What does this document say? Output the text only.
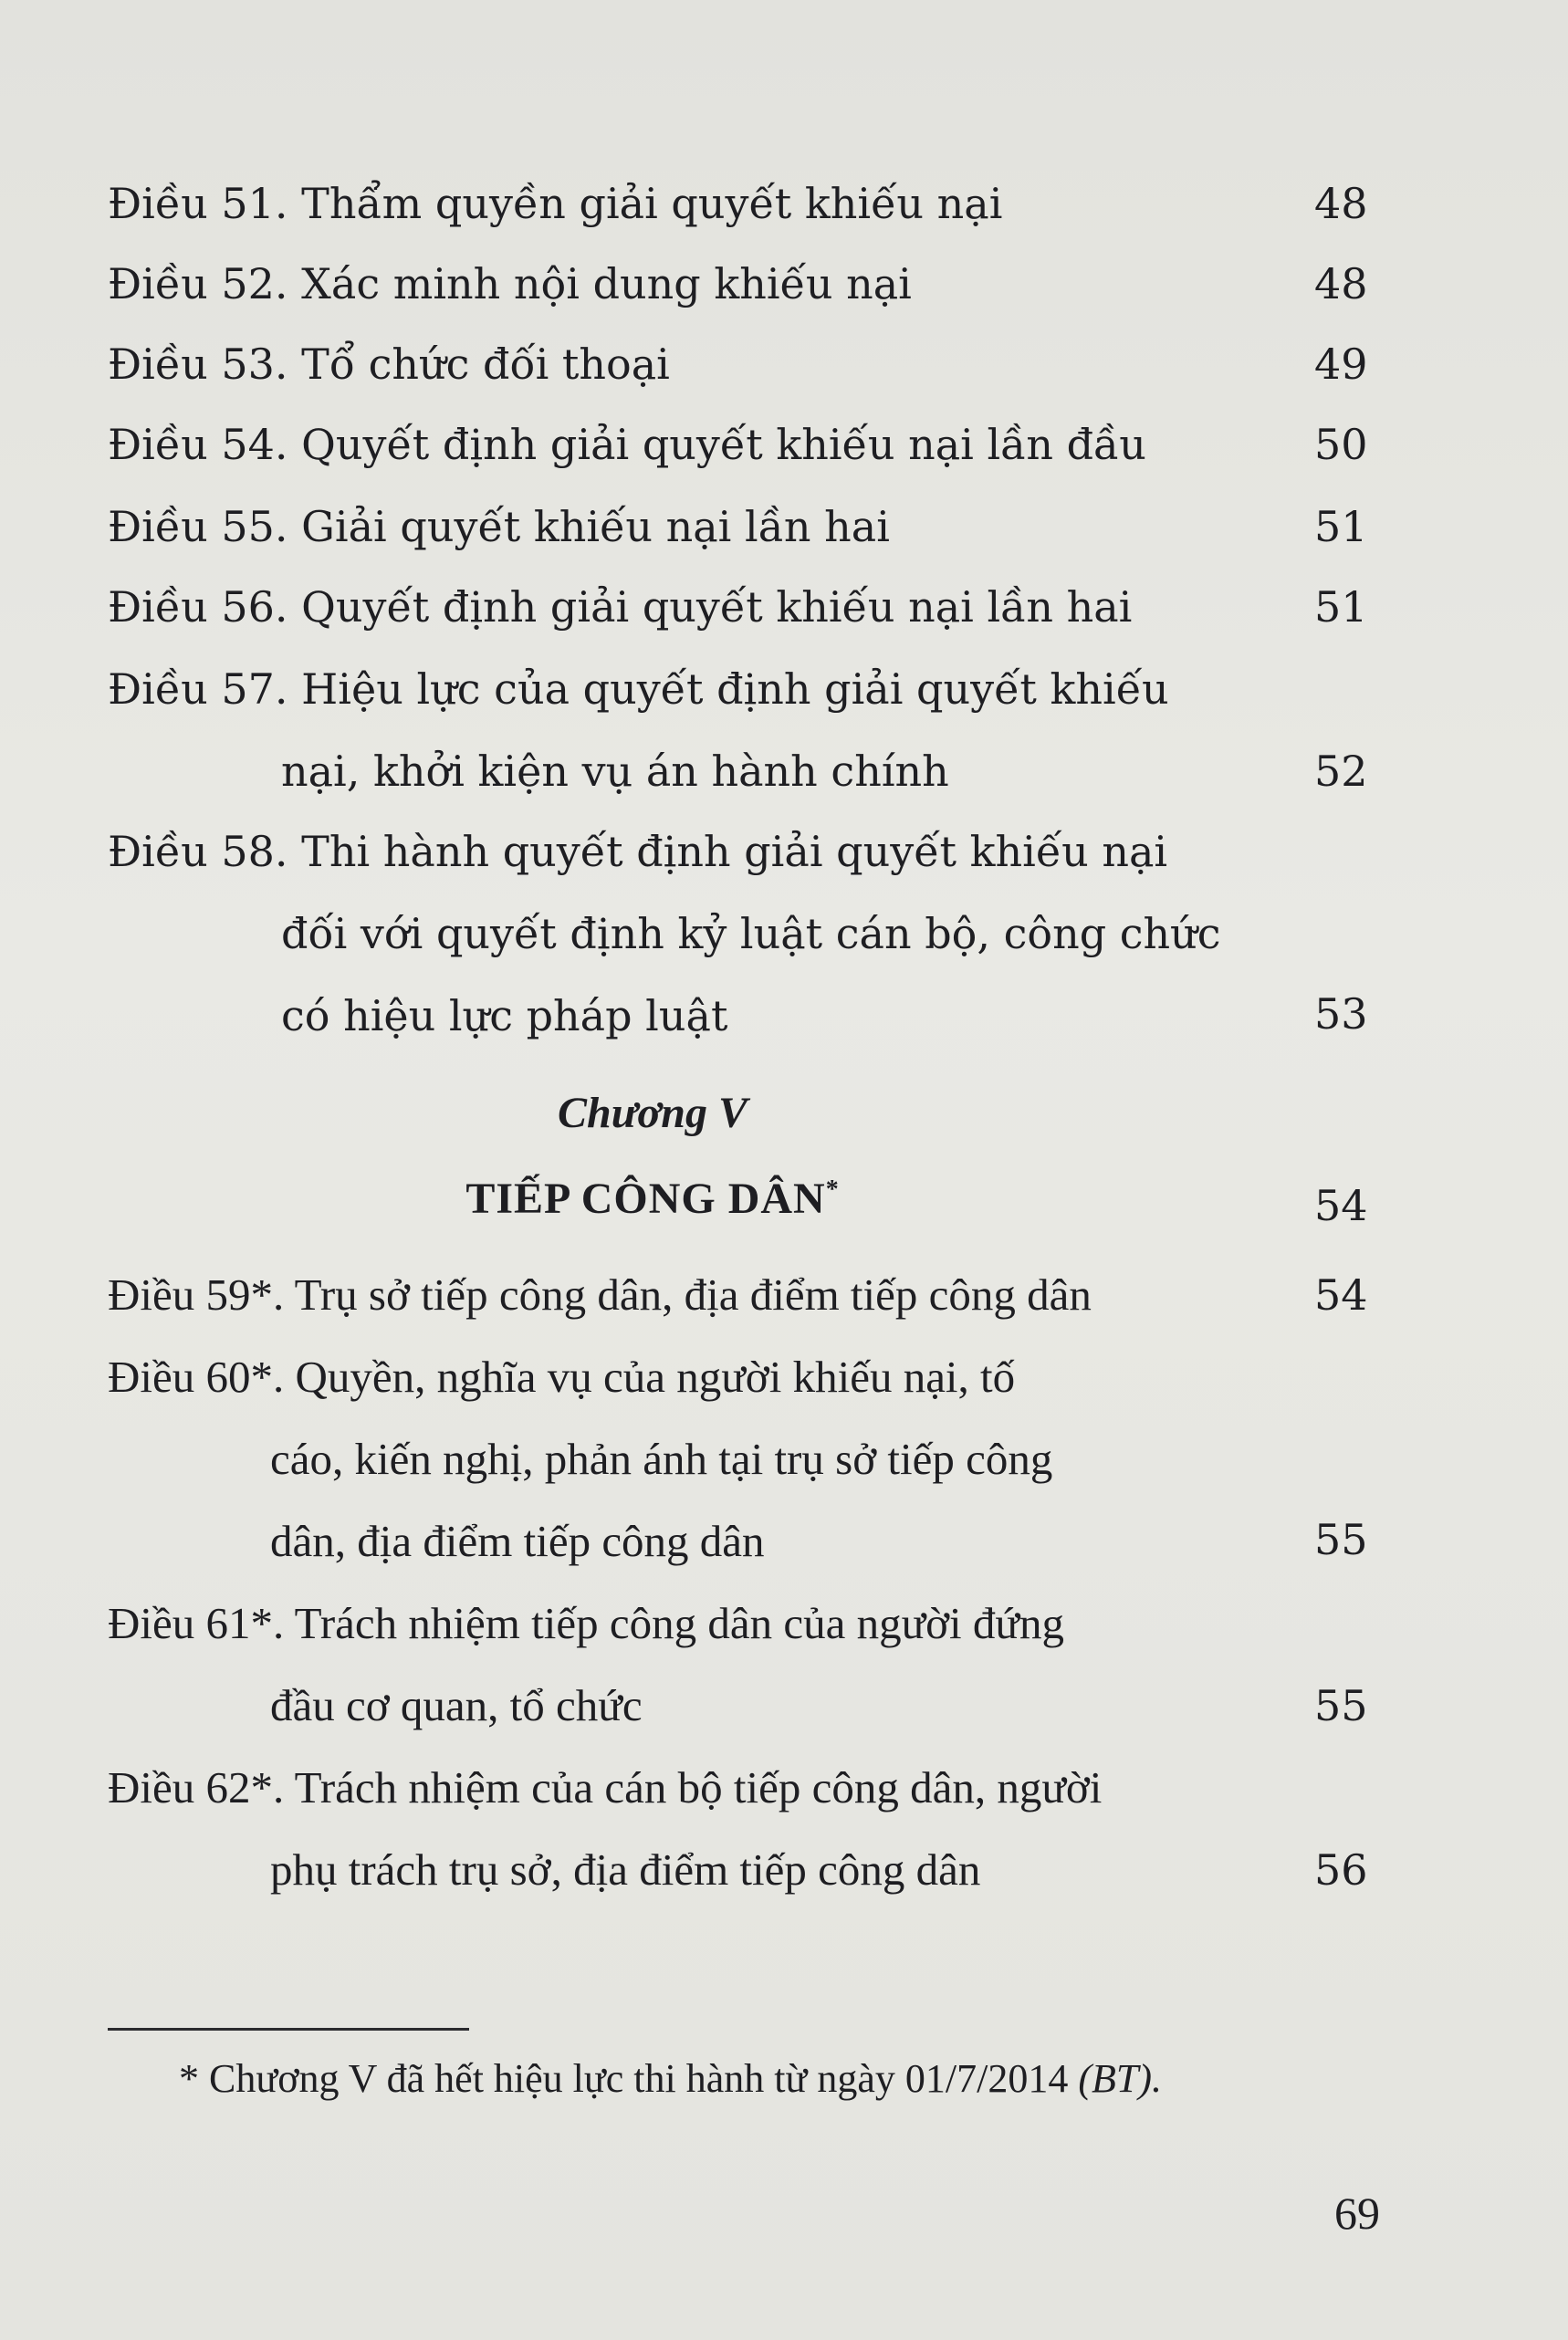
Điều 51. Thẩm quyền giải quyết khiếu nại	48
Điều 52. Xác minh nội dung khiếu nại	48
Điều 53. Tổ chức đối thoại	49
Điều 54. Quyết định giải quyết khiếu nại lần đầu	50
Điều 55. Giải quyết khiếu nại lần hai	51
Điều 56. Quyết định giải quyết khiếu nại lần hai	51
Điều 57. Hiệu lực của quyết định giải quyết khiếu
nại, khởi kiện vụ án hành chính	52
Điều 58. Thi hành quyết định giải quyết khiếu nại
đối với quyết định kỷ luật cán bộ, công chức
có hiệu lực pháp luật	53
Chương V
TIẾP CÔNG DÂN*	54
Điều 59*. Trụ sở tiếp công dân, địa điểm tiếp công dân	54
Điều 60*. Quyền, nghĩa vụ của người khiếu nại, tố
cáo, kiến nghị, phản ánh tại trụ sở tiếp công
dân, địa điểm tiếp công dân	55
Điều 61*. Trách nhiệm tiếp công dân của người đứng
đầu cơ quan, tổ chức	55
Điều 62*. Trách nhiệm của cán bộ tiếp công dân, người
phụ trách trụ sở, địa điểm tiếp công dân	56
* Chương V đã hết hiệu lực thi hành từ ngày 01/7/2014 (BT).
69
